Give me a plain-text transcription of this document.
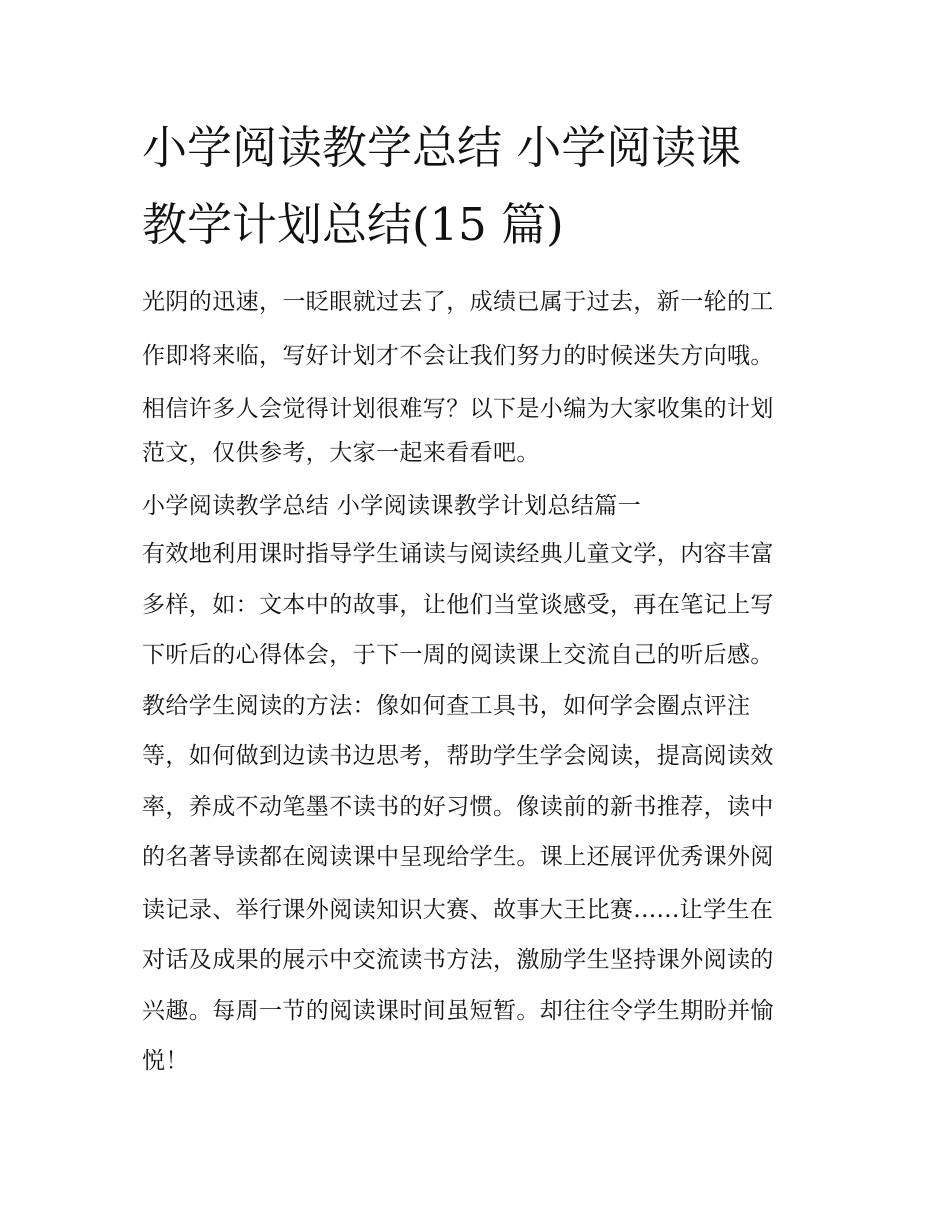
小学阅读教学总结 小学阅读课
教学计划总结(15 篇)
光阴的迅速，一眨眼就过去了，成绩已属于过去，新一轮的工
作即将来临，写好计划才不会让我们努力的时候迷失方向哦。
相信许多人会觉得计划很难写？以下是小编为大家收集的计划
范文，仅供参考，大家一起来看看吧。
小学阅读教学总结 小学阅读课教学计划总结篇一
有效地利用课时指导学生诵读与阅读经典儿童文学，内容丰富
多样，如：文本中的故事，让他们当堂谈感受，再在笔记上写
下听后的心得体会，于下一周的阅读课上交流自己的听后感。
教给学生阅读的方法：像如何查工具书，如何学会圈点评注
等，如何做到边读书边思考，帮助学生学会阅读，提高阅读效
率，养成不动笔墨不读书的好习惯。像读前的新书推荐，读中
的名著导读都在阅读课中呈现给学生。课上还展评优秀课外阅
读记录、举行课外阅读知识大赛、故事大王比赛......让学生在
对话及成果的展示中交流读书方法，激励学生坚持课外阅读的
兴趣。每周一节的阅读课时间虽短暂。却往往令学生期盼并愉
悦！
